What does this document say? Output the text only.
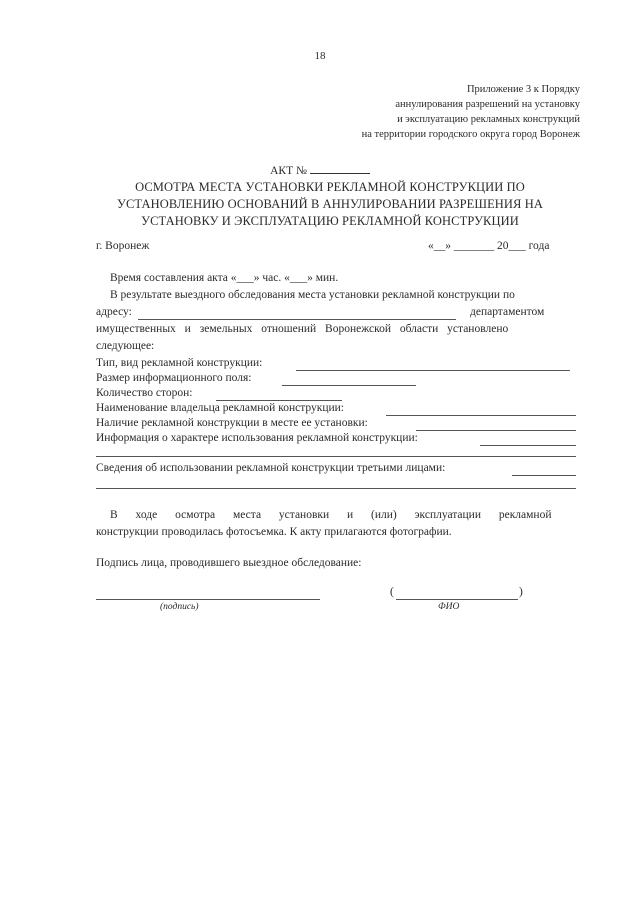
18
Приложение 3 к Порядку
аннулирования разрешений на установку
и эксплуатацию рекламных конструкций
на территории городского округа город Воронеж
АКТ №
ОСМОТРА МЕСТА УСТАНОВКИ РЕКЛАМНОЙ КОНСТРУКЦИИ ПО УСТАНОВЛЕНИЮ ОСНОВАНИЙ В АННУЛИРОВАНИИ РАЗРЕШЕНИЯ НА УСТАНОВКУ И ЭКСПЛУАТАЦИЮ РЕКЛАМНОЙ КОНСТРУКЦИИ
г. Воронеж	«__» _______ 20___ года
Время составления акта «___» час. «___» мин.
В результате выездного обследования места установки рекламной конструкции по
адресу:	департаментом
имущественных и земельных отношений Воронежской области установлено
следующее:
Тип, вид рекламной конструкции:
Размер информационного поля:
Количество сторон:
Наименование владельца рекламной конструкции:
Наличие рекламной конструкции в месте ее установки:
Информация о характере использования рекламной конструкции:
Сведения об использовании рекламной конструкции третьими лицами:
В ходе осмотра места установки и (или) эксплуатации рекламной
конструкции проводилась фотосъемка. К акту прилагаются фотографии.
Подпись лица, проводившего выездное обследование:
(	)
(подпись)	ФИО
